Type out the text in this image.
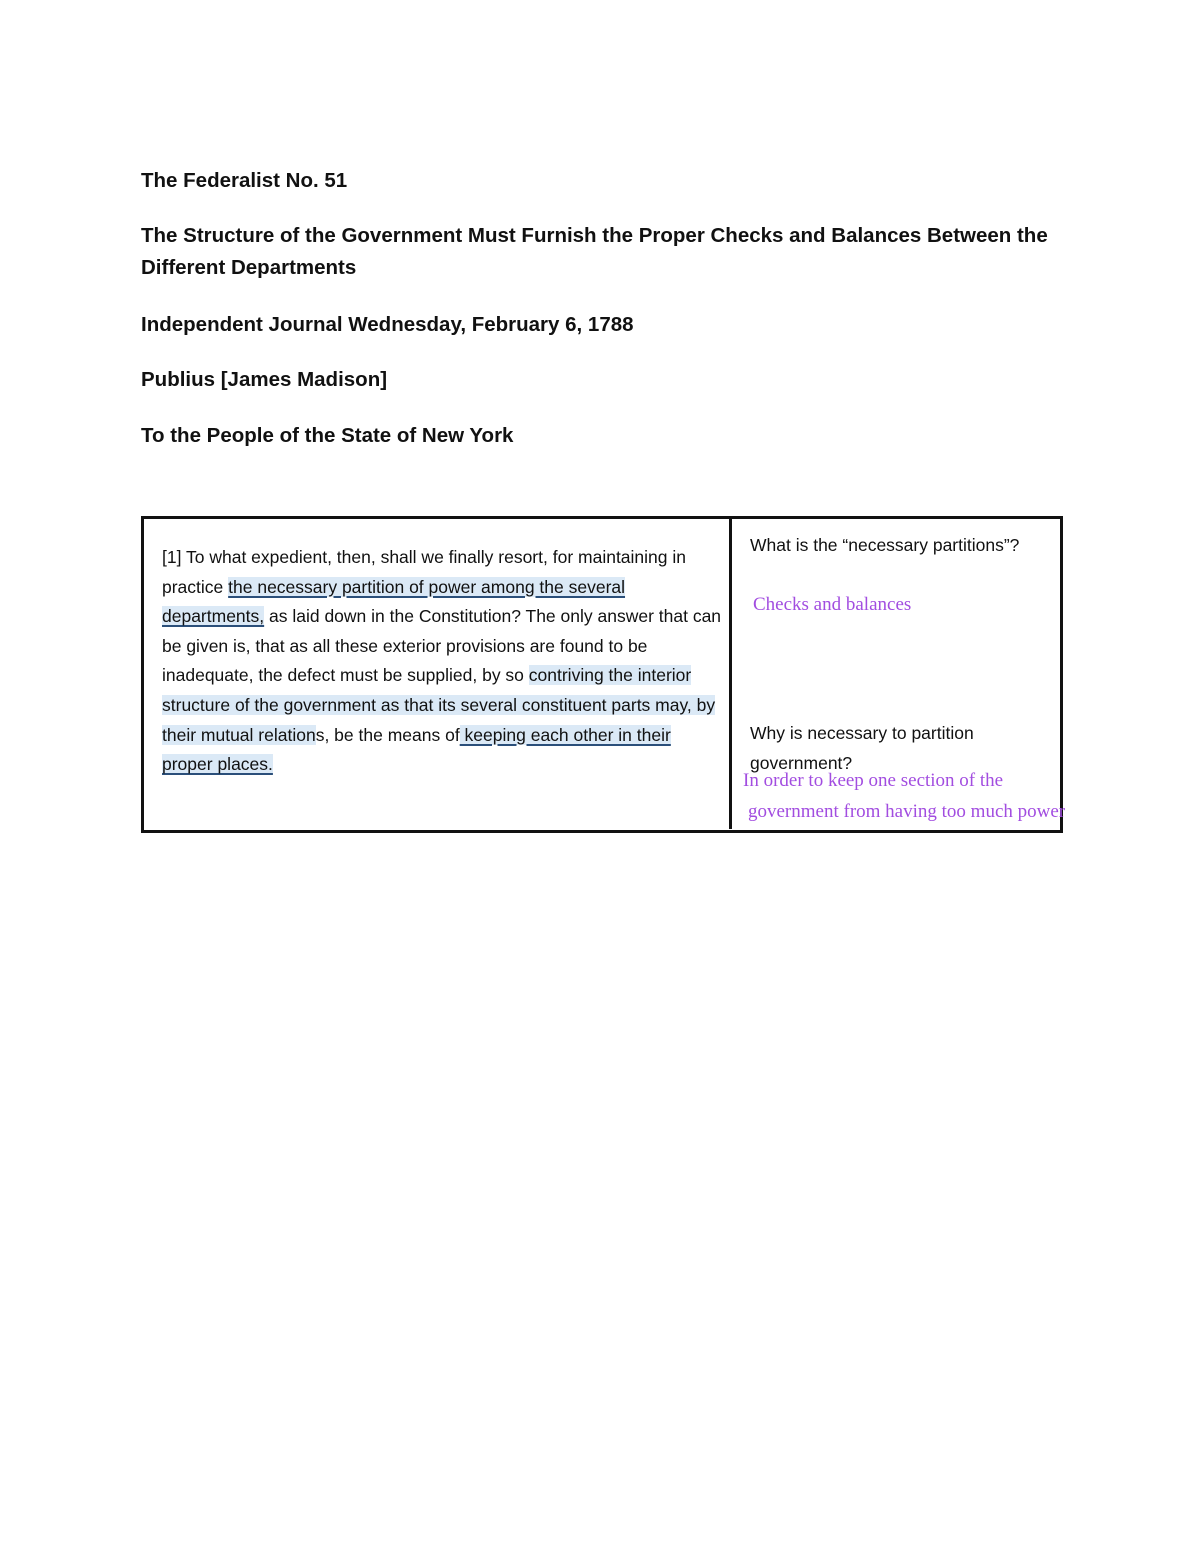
The Federalist No. 51
The Structure of the Government Must Furnish the Proper Checks and Balances Between the Different Departments

Independent Journal Wednesday, February 6, 1788

Publius [James Madison]

To the People of the State of New York

[1] To what expedient, then, shall we finally resort, for maintaining in practice the necessary partition of power among the several departments, as laid down in the Constitution? The only answer that can be given is, that as all these exterior provisions are found to be inadequate, the defect must be supplied, by so contriving the interior structure of the government as that its several constituent parts may, by their mutual relations, be the means of keeping each other in their proper places.
What is the “necessary partitions”?
Checks and balances
Why is necessary to partition government?
In order to keep one section of the
government from having too much power
